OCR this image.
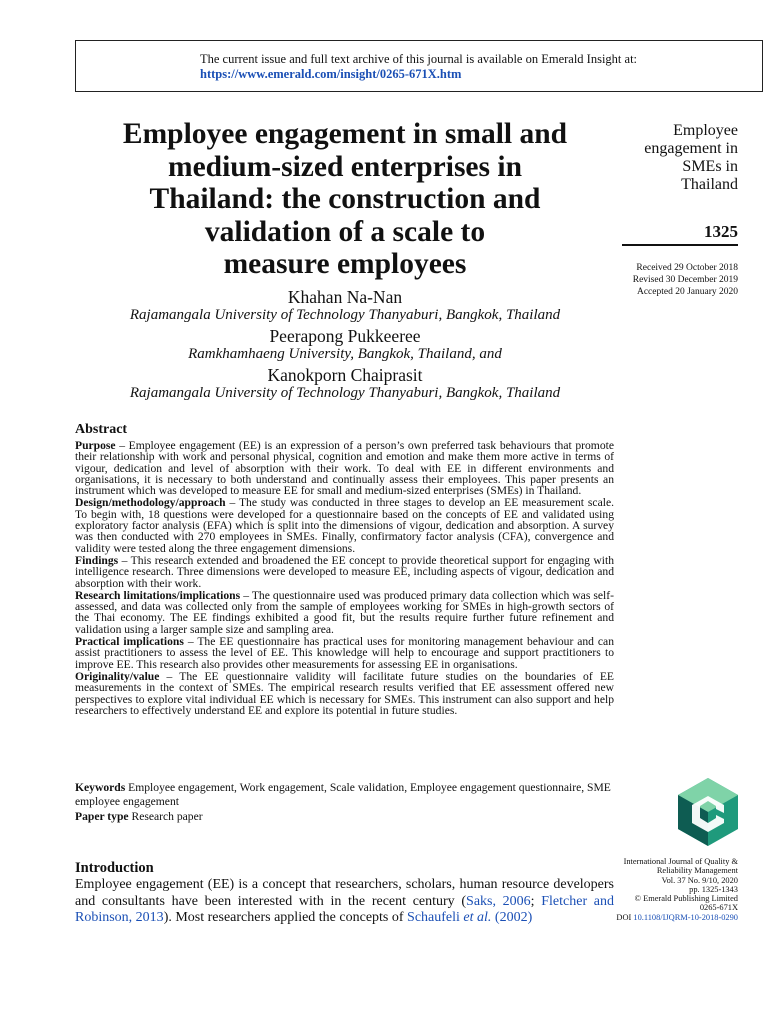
The current issue and full text archive of this journal is available on Emerald Insight at:
https://www.emerald.com/insight/0265-671X.htm
Employee engagement in small and
medium-sized enterprises in
Thailand: the construction and
validation of a scale to
measure employees
Khahan Na-Nan
Rajamangala University of Technology Thanyaburi, Bangkok, Thailand
Peerapong Pukkeeree
Ramkhamhaeng University, Bangkok, Thailand, and
Kanokporn Chaiprasit
Rajamangala University of Technology Thanyaburi, Bangkok, Thailand
Employee
engagement in
SMEs in
Thailand
1325
Received 29 October 2018
Revised 30 December 2019
Accepted 20 January 2020
Abstract

Purpose – Employee engagement (EE) is an expression of a person’s own preferred task behaviours that promote their relationship with work and personal physical, cognition and emotion and make them more active in terms of vigour, dedication and level of absorption with their work. To deal with EE in different environments and organisations, it is necessary to both understand and continually assess their employees. This paper presents an instrument which was developed to measure EE for small and medium-sized enterprises (SMEs) in Thailand.

Design/methodology/approach – The study was conducted in three stages to develop an EE measurement scale. To begin with, 18 questions were developed for a questionnaire based on the concepts of EE and validated using exploratory factor analysis (EFA) which is split into the dimensions of vigour, dedication and absorption. A survey was then conducted with 270 employees in SMEs. Finally, confirmatory factor analysis (CFA), convergence and validity were tested along the three engagement dimensions.

Findings – This research extended and broadened the EE concept to provide theoretical support for engaging with intelligence research. Three dimensions were developed to measure EE, including aspects of vigour, dedication and absorption with their work.

Research limitations/implications – The questionnaire used was produced primary data collection which was self-assessed, and data was collected only from the sample of employees working for SMEs in high-growth sectors of the Thai economy. The EE findings exhibited a good fit, but the results require further future refinement and validation using a larger sample size and sampling area.

Practical implications – The EE questionnaire has practical uses for monitoring management behaviour and can assist practitioners to assess the level of EE. This knowledge will help to encourage and support practitioners to improve EE. This research also provides other measurements for assessing EE in organisations.

Originality/value – The EE questionnaire validity will facilitate future studies on the boundaries of EE measurements in the context of SMEs. The empirical research results verified that EE assessment offered new perspectives to explore vital individual EE which is necessary for SMEs. This instrument can also support and help researchers to effectively understand EE and explore its potential in future studies.

Keywords Employee engagement, Work engagement, Scale validation, Employee engagement questionnaire, SME employee engagement
Paper type Research paper
Introduction
Employee engagement (EE) is a concept that researchers, scholars, human resource developers and consultants have been interested with in the recent century (Saks, 2006; Fletcher and Robinson, 2013). Most researchers applied the concepts of Schaufeli et al. (2002)
International Journal of Quality &
Reliability Management
Vol. 37 No. 9/10, 2020
pp. 1325-1343
© Emerald Publishing Limited
0265-671X
DOI 10.1108/IJQRM-10-2018-0290
